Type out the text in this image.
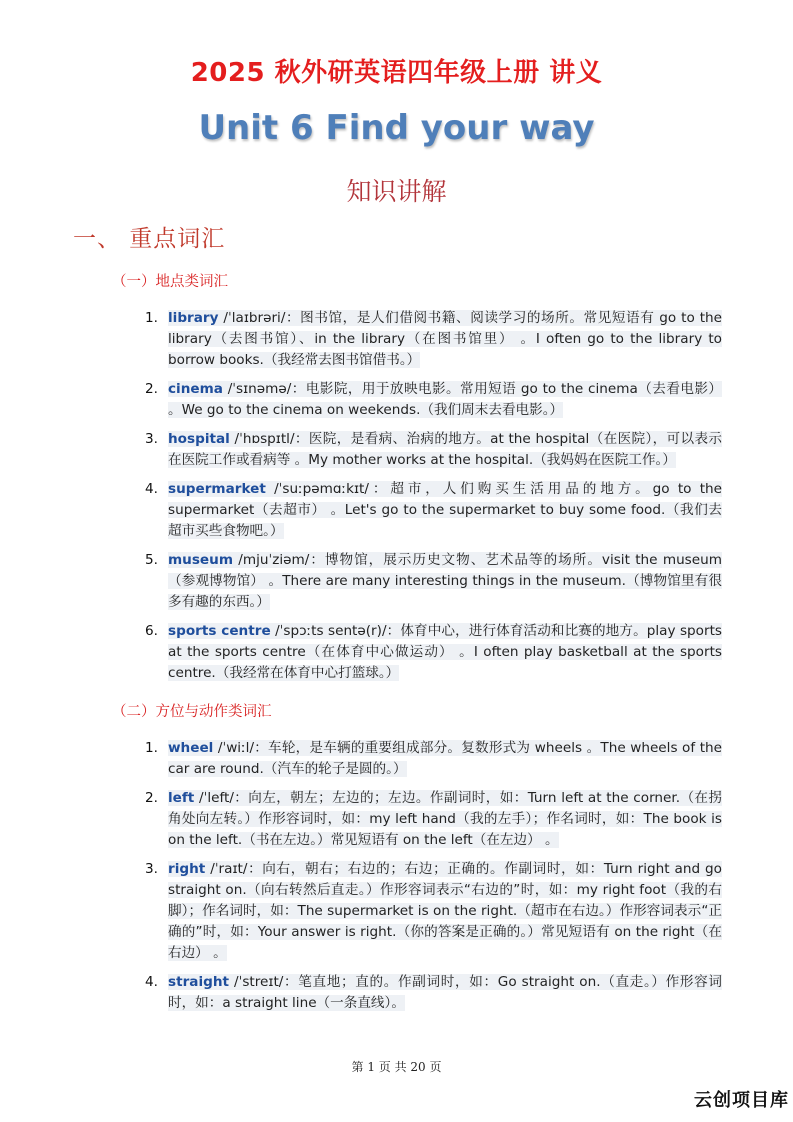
2025 秋外研英语四年级上册 讲义
Unit 6 Find your way
知识讲解
一、 重点词汇
（一）地点类词汇
1. library /ˈlaɪbrəri/：图书馆，是人们借阅书籍、阅读学习的场所。常见短语有 go to the library（去图书馆）、in the library（在图书馆里） 。I often go to the library to borrow books.（我经常去图书馆借书。）
2. cinema /ˈsɪnəmə/：电影院，用于放映电影。常用短语 go to the cinema（去看电影） 。We go to the cinema on weekends.（我们周末去看电影。）
3. hospital /ˈhɒspɪtl/：医院，是看病、治病的地方。at the hospital（在医院），可以表示在医院工作或看病等 。My mother works at the hospital.（我妈妈在医院工作。）
4. supermarket /ˈsuːpəmɑːkɪt/：超市，人们购买生活用品的地方。go to the supermarket（去超市） 。Let's go to the supermarket to buy some food.（我们去超市买些食物吧。）
5. museum /mjuˈziəm/：博物馆，展示历史文物、艺术品等的场所。visit the museum（参观博物馆） 。There are many interesting things in the museum.（博物馆里有很多有趣的东西。）
6. sports centre /ˈspɔːts sentə(r)/：体育中心，进行体育活动和比赛的地方。play sports at the sports centre（在体育中心做运动） 。I often play basketball at the sports centre.（我经常在体育中心打篮球。）
（二）方位与动作类词汇
1. wheel /ˈwiːl/：车轮，是车辆的重要组成部分。复数形式为 wheels 。The wheels of the car are round.（汽车的轮子是圆的。）
2. left /ˈleft/：向左，朝左；左边的；左边。作副词时，如：Turn left at the corner.（在拐角处向左转。）作形容词时，如：my left hand（我的左手）；作名词时，如：The book is on the left.（书在左边。）常见短语有 on the left（在左边） 。
3. right /ˈraɪt/：向右，朝右；右边的；右边；正确的。作副词时，如：Turn right and go straight on.（向右转然后直走。）作形容词表示“右边的”时，如：my right foot（我的右脚）；作名词时，如：The supermarket is on the right.（超市在右边。）作形容词表示“正确的”时，如：Your answer is right.（你的答案是正确的。）常见短语有 on the right（在右边） 。
4. straight /ˈstreɪt/：笔直地；直的。作副词时，如：Go straight on.（直走。）作形容词时，如：a straight line（一条直线）。
第 1 页 共 20 页
云创项目库
